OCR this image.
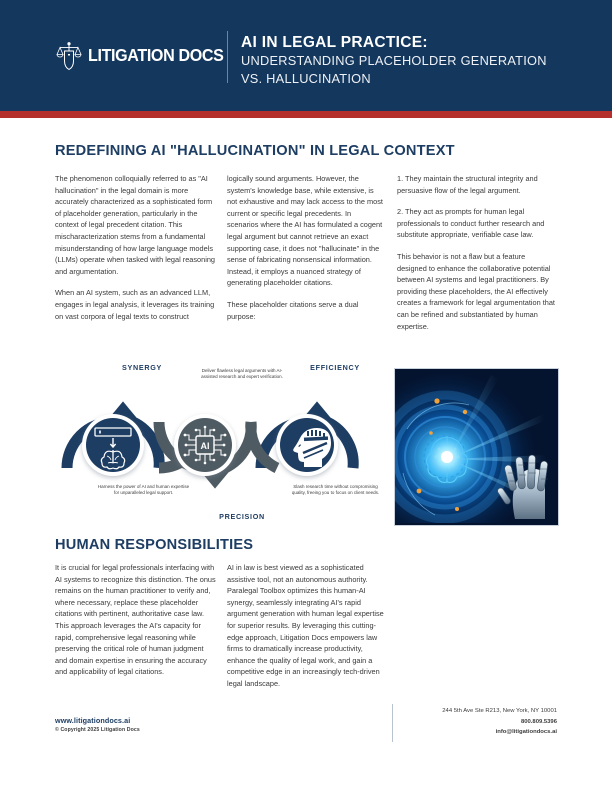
LITIGATION DOCS
AI IN LEGAL PRACTICE:
UNDERSTANDING PLACEHOLDER GENERATION
VS. HALLUCINATION
REDEFINING AI "HALLUCINATION" IN LEGAL CONTEXT

The phenomenon colloquially referred to as "AI hallucination" in the legal domain is more accurately characterized as a sophisticated form of placeholder generation, particularly in the context of legal precedent citation. This mischaracterization stems from a fundamental misunderstanding of how large language models (LLMs) operate when tasked with legal reasoning and argumentation.

When an AI system, such as an advanced LLM, engages in legal analysis, it leverages its training on vast corpora of legal texts to construct

logically sound arguments. However, the system's knowledge base, while extensive, is not exhaustive and may lack access to the most current or specific legal precedents. In scenarios where the AI has formulated a cogent legal argument but cannot retrieve an exact supporting case, it does not "hallucinate" in the sense of fabricating nonsensical information. Instead, it employs a nuanced strategy of generating placeholder citations.

These placeholder citations serve a dual purpose:

1. They maintain the structural integrity and persuasive flow of the legal argument.

2. They act as prompts for human legal professionals to conduct further research and substitute appropriate, verifiable case law.

This behavior is not a flaw but a feature designed to enhance the collaborative potential between AI systems and legal practitioners. By providing these placeholders, the AI effectively creates a framework for legal argumentation that can be refined and substantiated by human expertise.

AI
SYNERGY
PRECISION
EFFICIENCY
Harness the power of AI and human expertise for unparalleled legal support.
Deliver flawless legal arguments with AI-assisted research and expert verification.
Slash research time without compromising quality, freeing you to focus on client needs.
HUMAN RESPONSIBILITIES

It is crucial for legal professionals interfacing with AI systems to recognize this distinction. The onus remains on the human practitioner to verify and, where necessary, replace these placeholder citations with pertinent, authoritative case law. This approach leverages the AI's capacity for rapid, comprehensive legal reasoning while preserving the critical role of human judgment and domain expertise in ensuring the accuracy and applicability of legal citations.

AI in law is best viewed as a sophisticated assistive tool, not an autonomous authority. Paralegal Toolbox optimizes this human-AI synergy, seamlessly integrating AI's rapid argument generation with human legal expertise for superior results. By leveraging this cutting-edge approach, Litigation Docs empowers law firms to dramatically increase productivity, enhance the quality of legal work, and gain a competitive edge in an increasingly tech-driven legal landscape.

www.litigationdocs.ai
© Copyright 2025 Litigation Docs
244 5th Ave Ste R213, New York, NY 10001
800.809.5396
info@litigationdocs.ai
